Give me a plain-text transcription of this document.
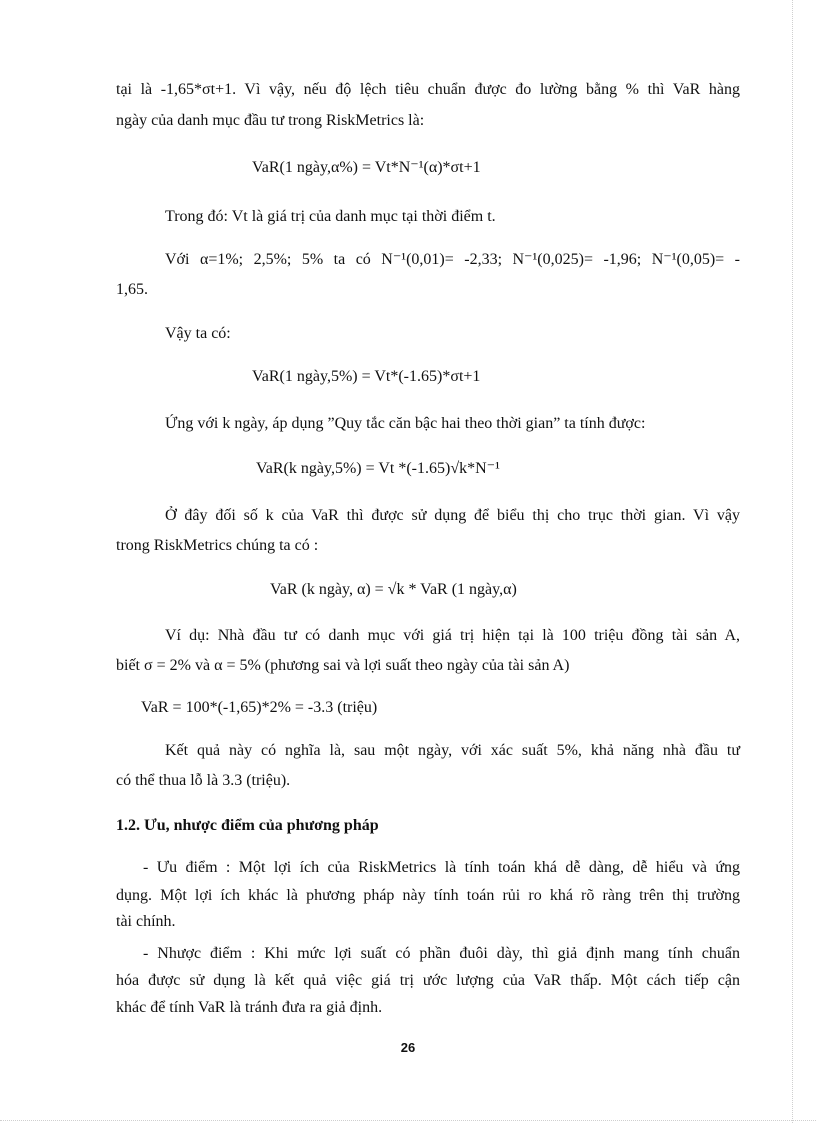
tại là -1,65*σt+1. Vì vậy, nếu độ lệch tiêu chuẩn được đo lường bằng % thì VaR hàng
ngày của danh mục đầu tư trong RiskMetrics là:
VaR(1 ngày,α%) = Vt*N⁻¹(α)*σt+1
Trong đó: Vt là giá trị của danh mục tại thời điểm t.
Với α=1%; 2,5%; 5% ta có N⁻¹(0,01)= -2,33; N⁻¹(0,025)= -1,96; N⁻¹(0,05)= -
1,65.
Vậy ta có:
VaR(1 ngày,5%) = Vt*(-1.65)*σt+1
Ứng với k ngày, áp dụng ”Quy tắc căn bậc hai theo thời gian” ta tính được:
VaR(k ngày,5%) = Vt *(-1.65)√k*N⁻¹
Ở đây đối số k của VaR thì được sử dụng để biểu thị cho trục thời gian. Vì vậy
trong RiskMetrics chúng ta có :
VaR (k ngày, α) = √k * VaR (1 ngày,α)
Ví dụ: Nhà đầu tư có danh mục với giá trị hiện tại là 100 triệu đồng tài sản A,
biết σ = 2% và α = 5% (phương sai và lợi suất theo ngày của tài sản A)
VaR = 100*(-1,65)*2% = -3.3 (triệu)
Kết quả này có nghĩa là, sau một ngày, với xác suất 5%, khả năng nhà đầu tư
có thể thua lỗ là 3.3 (triệu).
1.2. Ưu, nhược điểm của phương pháp
- Ưu điểm : Một lợi ích của RiskMetrics là tính toán khá dễ dàng, dễ hiểu và ứng
dụng. Một lợi ích khác là phương pháp này tính toán rủi ro khá rõ ràng trên thị trường
tài chính.
- Nhược điểm : Khi mức lợi suất có phần đuôi dày, thì giả định mang tính chuẩn
hóa được sử dụng là kết quả việc giá trị ước lượng của VaR thấp. Một cách tiếp cận
khác để tính VaR là tránh đưa ra giả định.
26
